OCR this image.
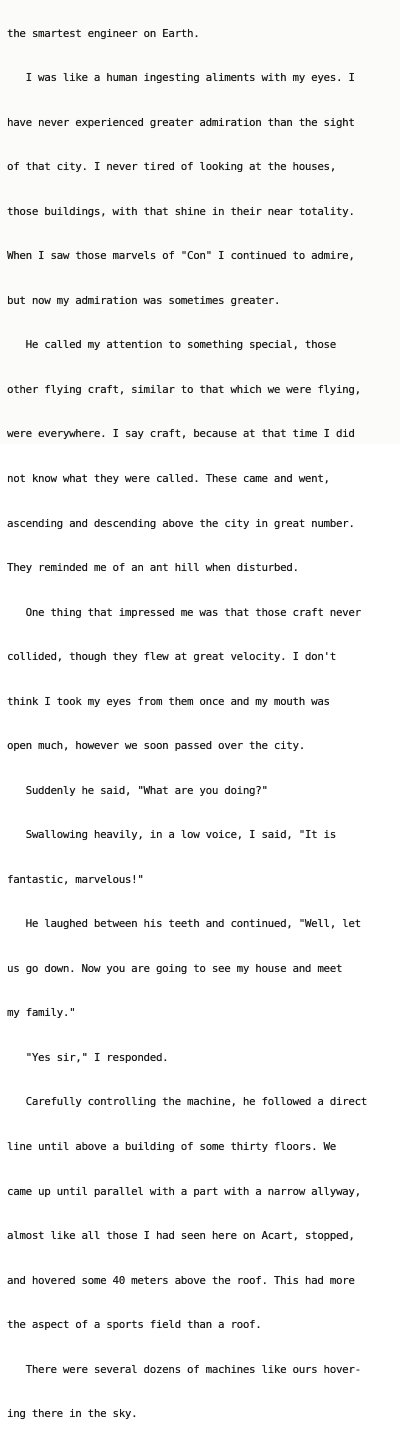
the smartest engineer on Earth.

I was like a human ingesting aliments with my eyes. I

have never experienced greater admiration than the sight

of that city. I never tired of looking at the houses,

those buildings, with that shine in their near totality.

When I saw those marvels of "Con" I continued to admire,

but now my admiration was sometimes greater.

He called my attention to something special, those

other flying craft, similar to that which we were flying,

were everywhere. I say craft, because at that time I did

not know what they were called. These came and went,

ascending and descending above the city in great number.

They reminded me of an ant hill when disturbed.

One thing that impressed me was that those craft never

collided, though they flew at great velocity. I don't

think I took my eyes from them once and my mouth was

open much, however we soon passed over the city.

Suddenly he said, "What are you doing?"

Swallowing heavily, in a low voice, I said, "It is

fantastic, marvelous!"

He laughed between his teeth and continued, "Well, let

us go down. Now you are going to see my house and meet

my family."

"Yes sir," I responded.

Carefully controlling the machine, he followed a direct

line until above a building of some thirty floors. We

came up until parallel with a part with a narrow allyway,

almost like all those I had seen here on Acart, stopped,

and hovered some 40 meters above the roof. This had more

the aspect of a sports field than a roof.

There were several dozens of machines like ours hover-

ing there in the sky.
